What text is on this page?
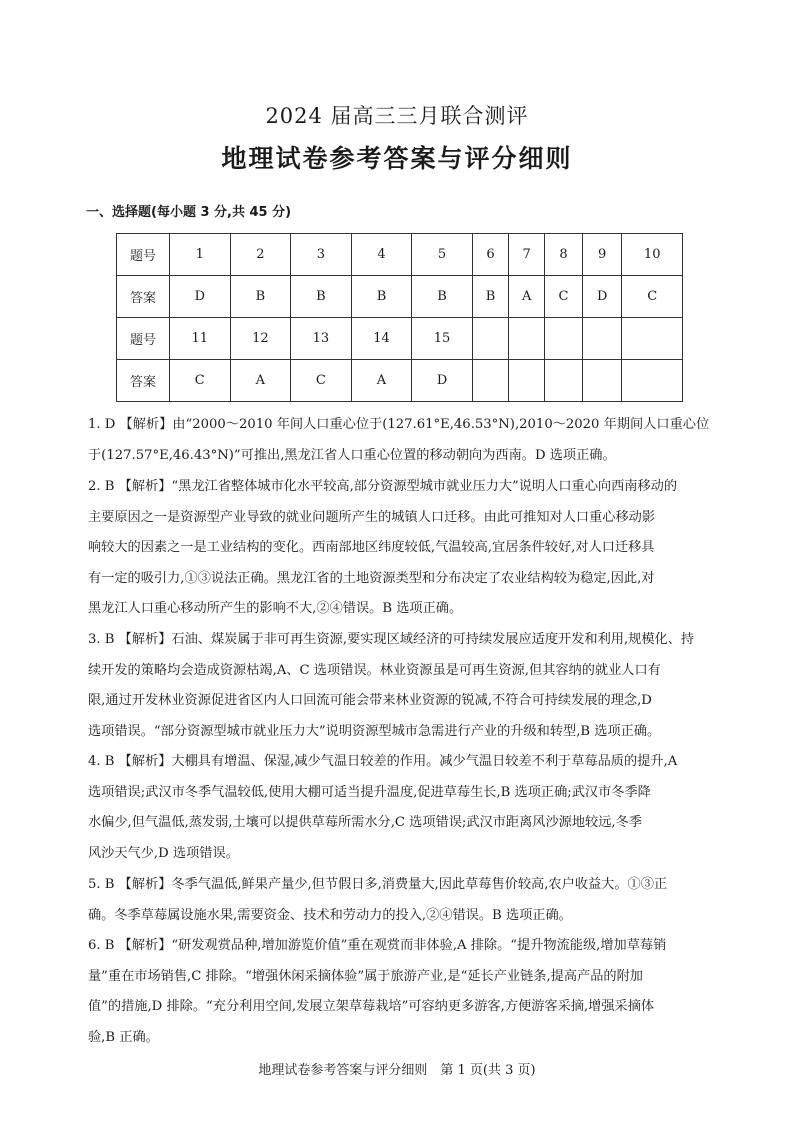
2024 届高三三月联合测评
地理试卷参考答案与评分细则
一、选择题(每小题 3 分,共 45 分)
题号	1	2	3	4	5	6	7	8	9	10
答案	D	B	B	B	B	B	A	C	D	C
题号	11	12	13	14	15					
答案	C	A	C	A	D					

1. D 【解析】由“2000～2010 年间人口重心位于(127.61°E,46.53°N),2010～2020 年期间人口重心位

于(127.57°E,46.43°N)”可推出,黑龙江省人口重心位置的移动朝向为西南。D 选项正确。

2. B 【解析】“黑龙江省整体城市化水平较高,部分资源型城市就业压力大”说明人口重心向西南移动的

主要原因之一是资源型产业导致的就业问题所产生的城镇人口迁移。由此可推知对人口重心移动影

响较大的因素之一是工业结构的变化。西南部地区纬度较低,气温较高,宜居条件较好,对人口迁移具

有一定的吸引力,①③说法正确。黑龙江省的土地资源类型和分布决定了农业结构较为稳定,因此,对

黑龙江人口重心移动所产生的影响不大,②④错误。B 选项正确。

3. B 【解析】石油、煤炭属于非可再生资源,要实现区域经济的可持续发展应适度开发和利用,规模化、持

续开发的策略均会造成资源枯竭,A、C 选项错误。林业资源虽是可再生资源,但其容纳的就业人口有

限,通过开发林业资源促进省区内人口回流可能会带来林业资源的锐减,不符合可持续发展的理念,D

选项错误。“部分资源型城市就业压力大”说明资源型城市急需进行产业的升级和转型,B 选项正确。

4. B 【解析】大棚具有增温、保湿,减少气温日较差的作用。减少气温日较差不利于草莓品质的提升,A

选项错误;武汉市冬季气温较低,使用大棚可适当提升温度,促进草莓生长,B 选项正确;武汉市冬季降

水偏少,但气温低,蒸发弱,土壤可以提供草莓所需水分,C 选项错误;武汉市距离风沙源地较远,冬季

风沙天气少,D 选项错误。

5. B 【解析】冬季气温低,鲜果产量少,但节假日多,消费量大,因此草莓售价较高,农户收益大。①③正

确。冬季草莓属设施水果,需要资金、技术和劳动力的投入,②④错误。B 选项正确。

6. B 【解析】“研发观赏品种,增加游览价值”重在观赏而非体验,A 排除。“提升物流能级,增加草莓销

量”重在市场销售,C 排除。“增强休闲采摘体验”属于旅游产业,是“延长产业链条,提高产品的附加

值”的措施,D 排除。“充分利用空间,发展立架草莓栽培”可容纳更多游客,方便游客采摘,增强采摘体

验,B 正确。

地理试卷参考答案与评分细则　第 1 页(共 3 页)
